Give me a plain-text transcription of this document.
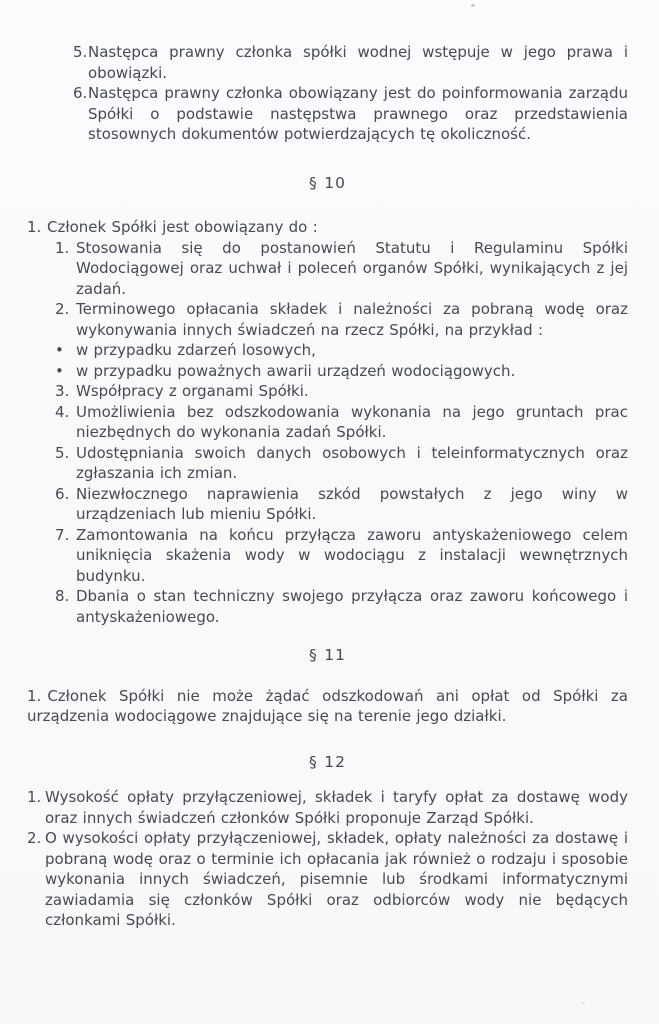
5.Następca prawny członka spółki wodnej wstępuje w jego prawa i obowiązki.
6.Następca prawny członka obowiązany jest do poinformowania zarządu Spółki o podstawie następstwa prawnego oraz przedstawienia stosownych dokumentów potwierdzających tę okoliczność.
§ 10
1. Członek Spółki jest obowiązany do :
1. Stosowania się do postanowień Statutu i Regulaminu Spółki Wodociągowej oraz uchwał i poleceń organów Spółki, wynikających z jej zadań.
2. Terminowego opłacania składek i należności za pobraną wodę oraz wykonywania innych świadczeń na rzecz Spółki, na przykład :
• w przypadku zdarzeń losowych,
• w przypadku poważnych awarii urządzeń wodociągowych.
3. Współpracy z organami Spółki.
4. Umożliwienia bez odszkodowania wykonania na jego gruntach prac niezbędnych do wykonania zadań Spółki.
5. Udostępniania swoich danych osobowych i teleinformatycznych oraz zgłaszania ich zmian.
6. Niezwłocznego naprawienia szkód powstałych z jego winy w urządzeniach lub mieniu Spółki.
7. Zamontowania na końcu przyłącza zaworu antyskażeniowego celem uniknięcia skażenia wody w wodociągu z instalacji wewnętrznych budynku.
8. Dbania o stan techniczny swojego przyłącza oraz zaworu końcowego i antyskażeniowego.
§ 11
1. Członek Spółki nie może żądać odszkodowań ani opłat od Spółki za urządzenia wodociągowe znajdujące się na terenie jego działki.
§ 12
1. Wysokość opłaty przyłączeniowej, składek i taryfy opłat za dostawę wody oraz innych świadczeń członków Spółki proponuje Zarząd Spółki.
2. O wysokości opłaty przyłączeniowej, składek, opłaty należności za dostawę i pobraną wodę oraz o terminie ich opłacania jak również o rodzaju i sposobie wykonania innych świadczeń, pisemnie lub środkami informatycznymi zawiadamia się członków Spółki oraz odbiorców wody nie będących członkami Spółki.
